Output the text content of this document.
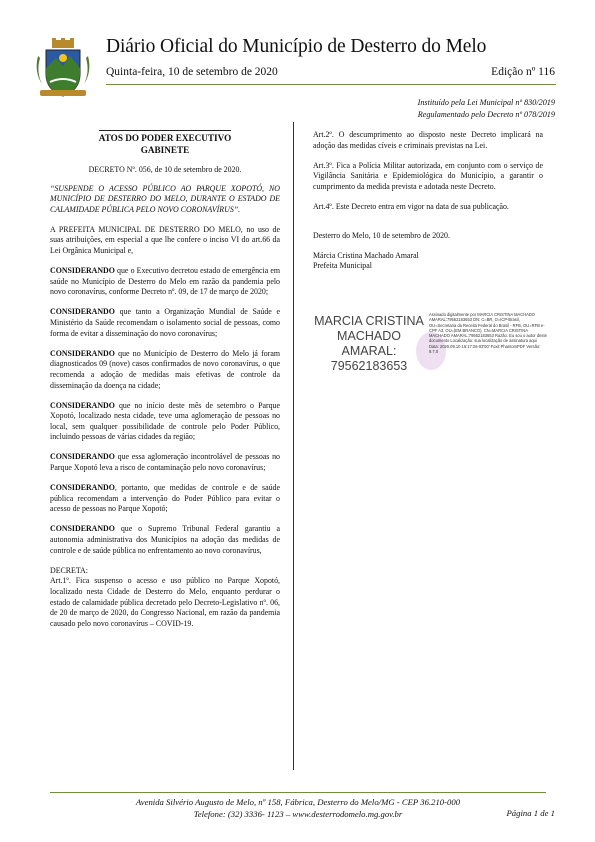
Diário Oficial do Município de Desterro do Melo
Quinta-feira, 10 de setembro de 2020	Edição nº 116
Instituído pela Lei Municipal nº 830/2019
Regulamentado pelo Decreto nº 078/2019
ATOS DO PODER EXECUTIVO
GABINETE

DECRETO Nº. 056, de 10 de setembro de 2020.

“SUSPENDE O ACESSO PÚBLICO AO PARQUE XOPOTÓ, NO MUNICÍPIO DE DESTERRO DO MELO, DURANTE O ESTADO DE CALAMIDADE PÚBLICA PELO NOVO CORONAVÍRUS”.

A PREFEITA MUNICIPAL DE DESTERRO DO MELO, no uso de suas atribuições, em especial a que lhe confere o inciso VI do art.66 da Lei Orgânica Municipal e,

CONSIDERANDO que o Executivo decretou estado de emergência em saúde no Município de Desterro do Melo em razão da pandemia pelo novo coronavírus, conforme Decreto nº. 09, de 17 de março de 2020;

CONSIDERANDO que tanto a Organização Mundial de Saúde e Ministério da Saúde recomendam o isolamento social de pessoas, como forma de evitar a disseminação do novo coronavírus;

CONSIDERANDO que no Município de Desterro do Melo já foram diagnosticados 09 (nove) casos confirmados de novo coronavírus, o que recomenda a adoção de medidas mais efetivas de controle da disseminação da doença na cidade;

CONSIDERANDO que no início deste mês de setembro o Parque Xopotó, localizado nesta cidade, teve uma aglomeração de pessoas no local, sem qualquer possibilidade de controle pelo Poder Público, incluindo pessoas de várias cidades da região;

CONSIDERANDO que essa aglomeração incontrolável de pessoas no Parque Xopotó leva a risco de contaminação pelo novo coronavírus;

CONSIDERANDO, portanto, que medidas de controle e de saúde pública recomendam a intervenção do Poder Público para evitar o acesso de pessoas no Parque Xopotó;

CONSIDERANDO que o Supremo Tribunal Federal garantiu a autonomia administrativa dos Municípios na adoção das medidas de controle e de saúde pública no enfrentamento ao novo coronavírus,

DECRETA:

Art.1º. Fica suspenso o acesso e uso público no Parque Xopotó, localizado nesta Cidade de Desterro do Melo, enquanto perdurar o estado de calamidade pública decretado pelo Decreto-Legislativo nº. 06, de 20 de março de 2020, do Congresso Nacional, em razão da pandemia causado pelo novo coronavírus – COVID-19.

Art.2º. O descumprimento ao disposto neste Decreto implicará na adoção das medidas cíveis e criminais previstas na Lei.

Art.3º. Fica a Polícia Militar autorizada, em conjunto com o serviço de Vigilância Sanitária e Epidemiológica do Município, a garantir o cumprimento da medida prevista e adotada neste Decreto.

Art.4º. Este Decreto entra em vigor na data de sua publicação.

Desterro do Melo, 10 de setembro de 2020.

Márcia Cristina Machado Amaral

Prefeita Municipal

MARCIA CRISTINA MACHADO AMARAL:
79562183653
Assinado digitalmente por MARCIA CRISTINA MACHADO AMARAL:79562183653 DN: C=BR, O=ICP-Brasil, OU=Secretaria da Receita Federal do Brasil - RFB, OU=RFB e-CPF A3, OU=(EM BRANCO), CN=MARCIA CRISTINA MACHADO AMARAL:79562183653 Razão: Eu sou o autor deste documento Localização: sua localização de assinatura aqui Data: 2020.09.10 16:17:26-03'00' Foxit PhantomPDF Versão: 9.7.0
Avenida Silvério Augusto de Melo, nº 158, Fábrica, Desterro do Melo/MG - CEP 36.210-000
Telefone: (32) 3336- 1123 – www.desterrodomelo.mg.gov.br	Página 1 de 1
